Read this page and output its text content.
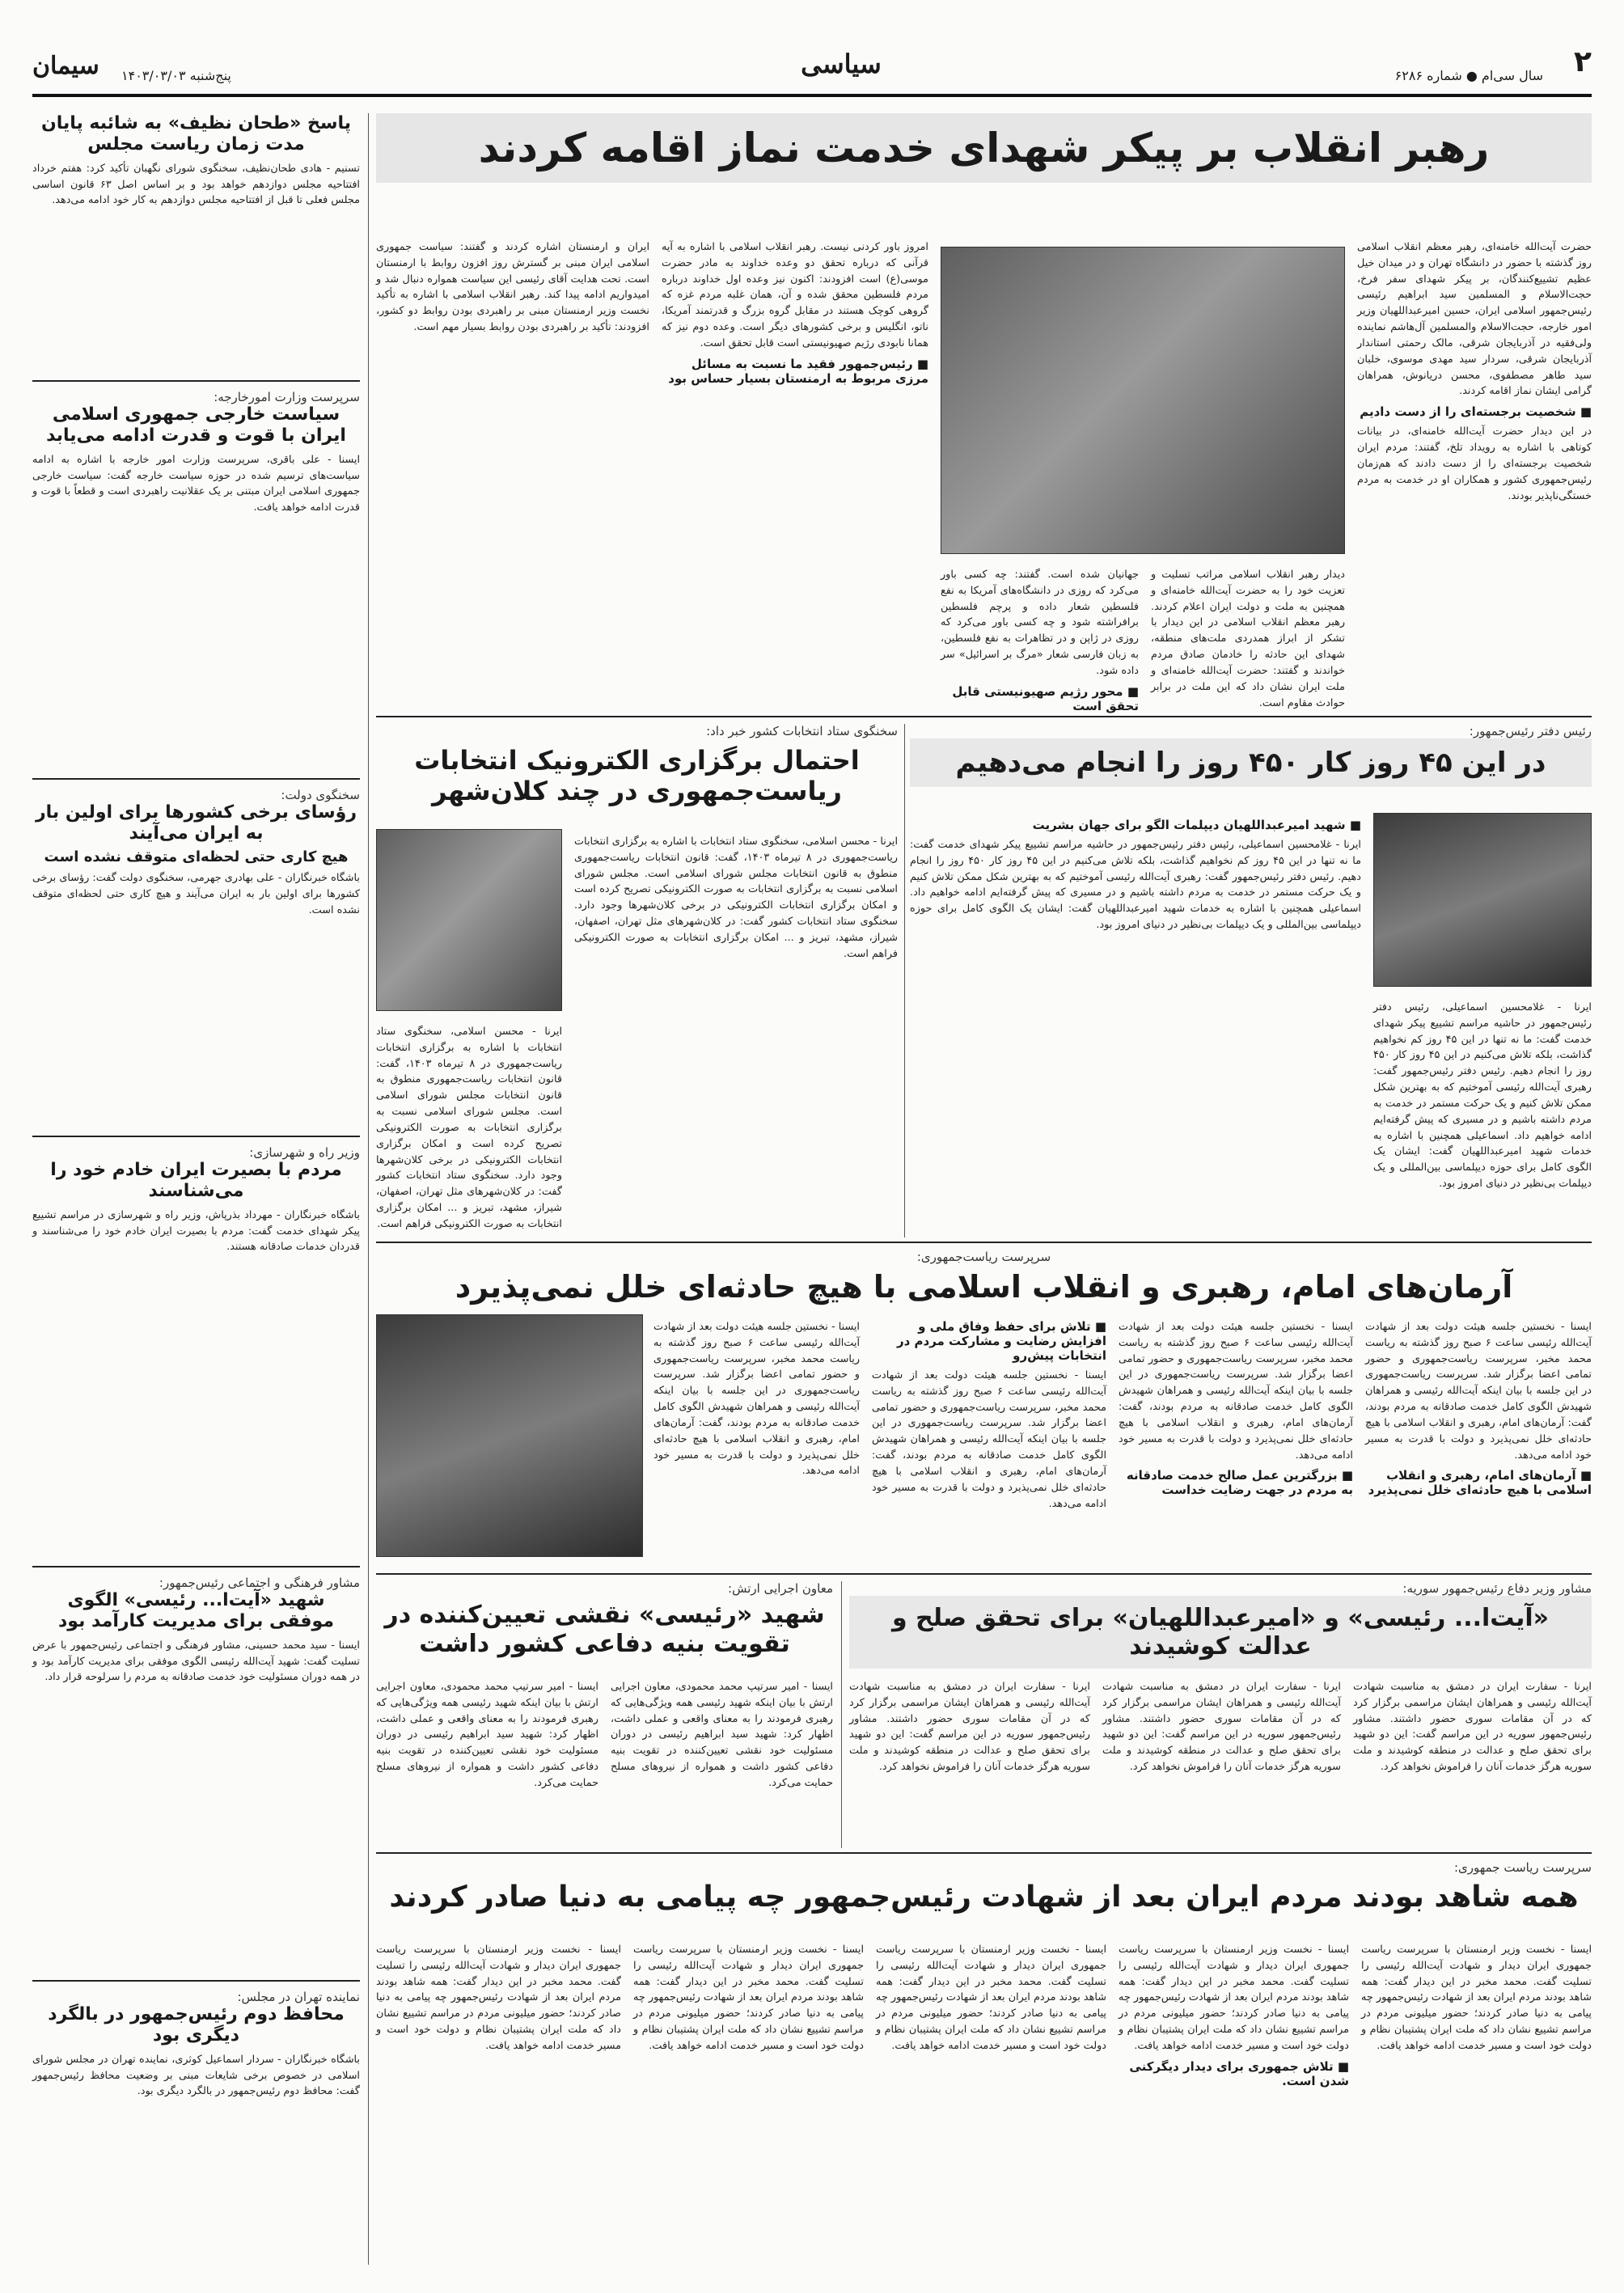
۲
سال سی‌ام ● شماره ۶۲۸۶
سیاسی
پنج‌شنبه ۱۴۰۳/۰۳/۰۳
سیمان
پاسخ «طحان نظیف» به شائبه پایان مدت زمان ریاست مجلس
تسنیم - هادی طحان‌نظیف، سخنگوی شورای نگهبان تأکید کرد: هفتم خرداد افتتاحیه مجلس دوازدهم خواهد بود و بر اساس اصل ۶۳ قانون اساسی مجلس فعلی تا قبل از افتتاحیه مجلس دوازدهم به کار خود ادامه می‌دهد.
سرپرست وزارت امورخارجه:
سیاست خارجی جمهوری اسلامی ایران با قوت و قدرت ادامه می‌یابد
ایسنا - علی باقری، سرپرست وزارت امور خارجه با اشاره به ادامه سیاست‌های ترسیم شده در حوزه سیاست خارجه گفت: سیاست خارجی جمهوری اسلامی ایران مبتنی بر یک عقلانیت راهبردی است و قطعاً با قوت و قدرت ادامه خواهد یافت.
سخنگوی دولت:
رؤسای برخی کشورها برای اولین بار به ایران می‌آیند
هیچ کاری حتی لحظه‌ای متوقف نشده است
باشگاه خبرنگاران - علی بهادری جهرمی، سخنگوی دولت گفت: رؤسای برخی کشورها برای اولین بار به ایران می‌آیند و هیچ کاری حتی لحظه‌ای متوقف نشده است.
وزیر راه و شهرسازی:
مردم با بصیرت ایران خادم خود را می‌شناسند
باشگاه خبرنگاران - مهرداد بذرپاش، وزیر راه و شهرسازی در مراسم تشییع پیکر شهدای خدمت گفت: مردم با بصیرت ایران خادم خود را می‌شناسند و قدردان خدمات صادقانه هستند.
مشاور فرهنگی و اجتماعی رئیس‌جمهور:
شهید «آیت‌ا... رئیسی» الگوی موفقی برای مدیریت کارآمد بود
ایسنا - سید محمد حسینی، مشاور فرهنگی و اجتماعی رئیس‌جمهور با عرض تسلیت گفت: شهید آیت‌الله رئیسی الگوی موفقی برای مدیریت کارآمد بود و در همه دوران مسئولیت خود خدمت صادقانه به مردم را سرلوحه قرار داد.
نماینده تهران در مجلس:
محافظ دوم رئیس‌جمهور در بالگرد دیگری بود
باشگاه خبرنگاران - سردار اسماعیل کوثری، نماینده تهران در مجلس شورای اسلامی در خصوص برخی شایعات مبنی بر وضعیت محافظ رئیس‌جمهور گفت: محافظ دوم رئیس‌جمهور در بالگرد دیگری بود.
رهبر انقلاب بر پیکر شهدای خدمت نماز اقامه کردند
حضرت آیت‌الله خامنه‌ای، رهبر معظم انقلاب اسلامی روز گذشته با حضور در دانشگاه تهران و در میدان خیل عظیم تشییع‌کنندگان، بر پیکر شهدای سفر فرخ، حجت‌الاسلام و المسلمین سید ابراهیم رئیسی رئیس‌جمهور اسلامی ایران، حسین امیرعبداللهیان وزیر امور خارجه، حجت‌الاسلام والمسلمین آل‌هاشم نماینده ولی‌فقیه در آذربایجان شرقی، مالک رحمتی استاندار آذربایجان شرقی، سردار سید مهدی موسوی، خلبان سید طاهر مصطفوی، محسن دریانوش، همراهان گرامی ایشان نماز اقامه کردند.
■ شخصیت برجسته‌ای را از دست دادیم
در این دیدار حضرت آیت‌الله خامنه‌ای، در بیانات کوتاهی با اشاره به رویداد تلخ، گفتند: مردم ایران شخصیت برجسته‌ای را از دست دادند که هم‌زمان رئیس‌جمهوری کشور و همکاران او در خدمت به مردم خستگی‌ناپذیر بودند.
دیدار رهبر انقلاب اسلامی مراتب تسلیت و تعزیت خود را به حضرت آیت‌الله خامنه‌ای و همچنین به ملت و دولت ایران اعلام کردند. رهبر معظم انقلاب اسلامی در این دیدار با تشکر از ابراز همدردی ملت‌های منطقه، شهدای این حادثه را خادمان صادق مردم خواندند و گفتند: حضرت آیت‌الله خامنه‌ای و ملت ایران نشان داد که این ملت در برابر حوادث مقاوم است.
جهانیان شده است. گفتند: چه کسی باور می‌کرد که روزی در دانشگاه‌های آمریکا به نفع فلسطین شعار داده و پرچم فلسطین برافراشته شود و چه کسی باور می‌کرد که روزی در ژاپن و در تظاهرات به نفع فلسطین، به زبان فارسی شعار «مرگ بر اسرائیل» سر داده شود.
■ محور رژیم صهیونیستی قابل تحقق است
امروز باور کردنی نیست. رهبر انقلاب اسلامی با اشاره به آیه قرآنی که درباره تحقق دو وعده خداوند به مادر حضرت موسی(ع) است افزودند: اکنون نیز وعده اول خداوند درباره مردم فلسطین محقق شده و آن، همان غلبه مردم غزه که گروهی کوچک هستند در مقابل گروه بزرگ و قدرتمند آمریکا، ناتو، انگلیس و برخی کشورهای دیگر است. وعده دوم نیز که همانا نابودی رژیم صهیونیستی است قابل تحقق است.
■ رئیس‌جمهور فقید ما نسبت به مسائل مرزی مربوط به ارمنستان بسیار حساس بود
ایران و ارمنستان اشاره کردند و گفتند: سیاست جمهوری اسلامی ایران مبنی بر گسترش روز افزون روابط با ارمنستان است. تحت هدایت آقای رئیسی این سیاست همواره دنبال شد و امیدواریم ادامه پیدا کند. رهبر انقلاب اسلامی با اشاره به تأکید نخست وزیر ارمنستان مبنی بر راهبردی بودن روابط دو کشور، افزودند: تأکید بر راهبردی بودن روابط بسیار مهم است.
رئیس دفتر رئیس‌جمهور:
در این ۴۵ روز کار ۴۵۰ روز را انجام می‌دهیم
■ شهید امیرعبداللهیان دیپلمات الگو برای جهان بشریت
ایرنا - غلامحسین اسماعیلی، رئیس دفتر رئیس‌جمهور در حاشیه مراسم تشییع پیکر شهدای خدمت گفت: ما نه تنها در این ۴۵ روز کم نخواهیم گذاشت، بلکه تلاش می‌کنیم در این ۴۵ روز کار ۴۵۰ روز را انجام دهیم. رئیس دفتر رئیس‌جمهور گفت: رهبری آیت‌الله رئیسی آموختیم که به بهترین شکل ممکن تلاش کنیم و یک حرکت مستمر در خدمت به مردم داشته باشیم و در مسیری که پیش گرفته‌ایم ادامه خواهیم داد. اسماعیلی همچنین با اشاره به خدمات شهید امیرعبداللهیان گفت: ایشان یک الگوی کامل برای حوزه دیپلماسی بین‌المللی و یک دیپلمات بی‌نظیر در دنیای امروز بود.
ایرنا - غلامحسین اسماعیلی، رئیس دفتر رئیس‌جمهور در حاشیه مراسم تشییع پیکر شهدای خدمت گفت: ما نه تنها در این ۴۵ روز کم نخواهیم گذاشت، بلکه تلاش می‌کنیم در این ۴۵ روز کار ۴۵۰ روز را انجام دهیم. رئیس دفتر رئیس‌جمهور گفت: رهبری آیت‌الله رئیسی آموختیم که به بهترین شکل ممکن تلاش کنیم و یک حرکت مستمر در خدمت به مردم داشته باشیم و در مسیری که پیش گرفته‌ایم ادامه خواهیم داد. اسماعیلی همچنین با اشاره به خدمات شهید امیرعبداللهیان گفت: ایشان یک الگوی کامل برای حوزه دیپلماسی بین‌المللی و یک دیپلمات بی‌نظیر در دنیای امروز بود.
سخنگوی ستاد انتخابات کشور خبر داد:
احتمال برگزاری الکترونیک انتخابات ریاست‌جمهوری در چند کلان‌شهر
ایرنا - محسن اسلامی، سخنگوی ستاد انتخابات با اشاره به برگزاری انتخابات ریاست‌جمهوری در ۸ تیرماه ۱۴۰۳، گفت: قانون انتخابات ریاست‌جمهوری منطوق به قانون انتخابات مجلس شورای اسلامی است. مجلس شورای اسلامی نسبت به برگزاری انتخابات به صورت الکترونیکی تصریح کرده است و امکان برگزاری انتخابات الکترونیکی در برخی کلان‌شهرها وجود دارد. سخنگوی ستاد انتخابات کشور گفت: در کلان‌شهرهای مثل تهران، اصفهان، شیراز، مشهد، تبریز و ... امکان برگزاری انتخابات به صورت الکترونیکی فراهم است.
ایرنا - محسن اسلامی، سخنگوی ستاد انتخابات با اشاره به برگزاری انتخابات ریاست‌جمهوری در ۸ تیرماه ۱۴۰۳، گفت: قانون انتخابات ریاست‌جمهوری منطوق به قانون انتخابات مجلس شورای اسلامی است. مجلس شورای اسلامی نسبت به برگزاری انتخابات به صورت الکترونیکی تصریح کرده است و امکان برگزاری انتخابات الکترونیکی در برخی کلان‌شهرها وجود دارد. سخنگوی ستاد انتخابات کشور گفت: در کلان‌شهرهای مثل تهران، اصفهان، شیراز، مشهد، تبریز و ... امکان برگزاری انتخابات به صورت الکترونیکی فراهم است.
سرپرست ریاست‌جمهوری:
آرمان‌های امام، رهبری و انقلاب اسلامی با هیچ حادثه‌ای خلل نمی‌پذیرد
ایسنا - نخستین جلسه هیئت دولت بعد از شهادت آیت‌الله رئیسی ساعت ۶ صبح روز گذشته به ریاست محمد مخبر، سرپرست ریاست‌جمهوری و حضور تمامی اعضا برگزار شد. سرپرست ریاست‌جمهوری در این جلسه با بیان اینکه آیت‌الله رئیسی و همراهان شهیدش الگوی کامل خدمت صادقانه به مردم بودند، گفت: آرمان‌های امام، رهبری و انقلاب اسلامی با هیچ حادثه‌ای خلل نمی‌پذیرد و دولت با قدرت به مسیر خود ادامه می‌دهد.
■ آرمان‌های امام، رهبری و انقلاب اسلامی با هیچ حادثه‌ای خلل نمی‌پذیرد
ایسنا - نخستین جلسه هیئت دولت بعد از شهادت آیت‌الله رئیسی ساعت ۶ صبح روز گذشته به ریاست محمد مخبر، سرپرست ریاست‌جمهوری و حضور تمامی اعضا برگزار شد. سرپرست ریاست‌جمهوری در این جلسه با بیان اینکه آیت‌الله رئیسی و همراهان شهیدش الگوی کامل خدمت صادقانه به مردم بودند، گفت: آرمان‌های امام، رهبری و انقلاب اسلامی با هیچ حادثه‌ای خلل نمی‌پذیرد و دولت با قدرت به مسیر خود ادامه می‌دهد.
■ بزرگترین عمل صالح خدمت صادقانه به مردم در جهت رضایت خداست
■ تلاش برای حفظ وفاق ملی و افزایش رضایت و مشارکت مردم در انتخابات پیش‌رو
ایسنا - نخستین جلسه هیئت دولت بعد از شهادت آیت‌الله رئیسی ساعت ۶ صبح روز گذشته به ریاست محمد مخبر، سرپرست ریاست‌جمهوری و حضور تمامی اعضا برگزار شد. سرپرست ریاست‌جمهوری در این جلسه با بیان اینکه آیت‌الله رئیسی و همراهان شهیدش الگوی کامل خدمت صادقانه به مردم بودند، گفت: آرمان‌های امام، رهبری و انقلاب اسلامی با هیچ حادثه‌ای خلل نمی‌پذیرد و دولت با قدرت به مسیر خود ادامه می‌دهد.
ایسنا - نخستین جلسه هیئت دولت بعد از شهادت آیت‌الله رئیسی ساعت ۶ صبح روز گذشته به ریاست محمد مخبر، سرپرست ریاست‌جمهوری و حضور تمامی اعضا برگزار شد. سرپرست ریاست‌جمهوری در این جلسه با بیان اینکه آیت‌الله رئیسی و همراهان شهیدش الگوی کامل خدمت صادقانه به مردم بودند، گفت: آرمان‌های امام، رهبری و انقلاب اسلامی با هیچ حادثه‌ای خلل نمی‌پذیرد و دولت با قدرت به مسیر خود ادامه می‌دهد.
مشاور وزیر دفاع رئیس‌جمهور سوریه:
«آیت‌ا... رئیسی» و «امیرعبداللهیان» برای تحقق صلح و عدالت کوشیدند
ایرنا - سفارت ایران در دمشق به مناسبت شهادت آیت‌الله رئیسی و همراهان ایشان مراسمی برگزار کرد که در آن مقامات سوری حضور داشتند. مشاور رئیس‌جمهور سوریه در این مراسم گفت: این دو شهید برای تحقق صلح و عدالت در منطقه کوشیدند و ملت سوریه هرگز خدمات آنان را فراموش نخواهد کرد.
ایرنا - سفارت ایران در دمشق به مناسبت شهادت آیت‌الله رئیسی و همراهان ایشان مراسمی برگزار کرد که در آن مقامات سوری حضور داشتند. مشاور رئیس‌جمهور سوریه در این مراسم گفت: این دو شهید برای تحقق صلح و عدالت در منطقه کوشیدند و ملت سوریه هرگز خدمات آنان را فراموش نخواهد کرد.
ایرنا - سفارت ایران در دمشق به مناسبت شهادت آیت‌الله رئیسی و همراهان ایشان مراسمی برگزار کرد که در آن مقامات سوری حضور داشتند. مشاور رئیس‌جمهور سوریه در این مراسم گفت: این دو شهید برای تحقق صلح و عدالت در منطقه کوشیدند و ملت سوریه هرگز خدمات آنان را فراموش نخواهد کرد.
معاون اجرایی ارتش:
شهید «رئیسی» نقشی تعیین‌کننده در تقویت بنیه دفاعی کشور داشت
ایسنا - امیر سرتیپ محمد محمودی، معاون اجرایی ارتش با بیان اینکه شهید رئیسی همه ویژگی‌هایی که رهبری فرمودند را به معنای واقعی و عملی داشت، اظهار کرد: شهید سید ابراهیم رئیسی در دوران مسئولیت خود نقشی تعیین‌کننده در تقویت بنیه دفاعی کشور داشت و همواره از نیروهای مسلح حمایت می‌کرد.
ایسنا - امیر سرتیپ محمد محمودی، معاون اجرایی ارتش با بیان اینکه شهید رئیسی همه ویژگی‌هایی که رهبری فرمودند را به معنای واقعی و عملی داشت، اظهار کرد: شهید سید ابراهیم رئیسی در دوران مسئولیت خود نقشی تعیین‌کننده در تقویت بنیه دفاعی کشور داشت و همواره از نیروهای مسلح حمایت می‌کرد.
سرپرست ریاست جمهوری:
همه شاهد بودند مردم ایران بعد از شهادت رئیس‌جمهور چه پیامی به دنیا صادر کردند
ایسنا - نخست وزیر ارمنستان با سرپرست ریاست جمهوری ایران دیدار و شهادت آیت‌الله رئیسی را تسلیت گفت. محمد مخبر در این دیدار گفت: همه شاهد بودند مردم ایران بعد از شهادت رئیس‌جمهور چه پیامی به دنیا صادر کردند؛ حضور میلیونی مردم در مراسم تشییع نشان داد که ملت ایران پشتیبان نظام و دولت خود است و مسیر خدمت ادامه خواهد یافت.
ایسنا - نخست وزیر ارمنستان با سرپرست ریاست جمهوری ایران دیدار و شهادت آیت‌الله رئیسی را تسلیت گفت. محمد مخبر در این دیدار گفت: همه شاهد بودند مردم ایران بعد از شهادت رئیس‌جمهور چه پیامی به دنیا صادر کردند؛ حضور میلیونی مردم در مراسم تشییع نشان داد که ملت ایران پشتیبان نظام و دولت خود است و مسیر خدمت ادامه خواهد یافت.
■ تلاش جمهوری برای دیدار دیگرکنی شدن است.
ایسنا - نخست وزیر ارمنستان با سرپرست ریاست جمهوری ایران دیدار و شهادت آیت‌الله رئیسی را تسلیت گفت. محمد مخبر در این دیدار گفت: همه شاهد بودند مردم ایران بعد از شهادت رئیس‌جمهور چه پیامی به دنیا صادر کردند؛ حضور میلیونی مردم در مراسم تشییع نشان داد که ملت ایران پشتیبان نظام و دولت خود است و مسیر خدمت ادامه خواهد یافت.
ایسنا - نخست وزیر ارمنستان با سرپرست ریاست جمهوری ایران دیدار و شهادت آیت‌الله رئیسی را تسلیت گفت. محمد مخبر در این دیدار گفت: همه شاهد بودند مردم ایران بعد از شهادت رئیس‌جمهور چه پیامی به دنیا صادر کردند؛ حضور میلیونی مردم در مراسم تشییع نشان داد که ملت ایران پشتیبان نظام و دولت خود است و مسیر خدمت ادامه خواهد یافت.
ایسنا - نخست وزیر ارمنستان با سرپرست ریاست جمهوری ایران دیدار و شهادت آیت‌الله رئیسی را تسلیت گفت. محمد مخبر در این دیدار گفت: همه شاهد بودند مردم ایران بعد از شهادت رئیس‌جمهور چه پیامی به دنیا صادر کردند؛ حضور میلیونی مردم در مراسم تشییع نشان داد که ملت ایران پشتیبان نظام و دولت خود است و مسیر خدمت ادامه خواهد یافت.
